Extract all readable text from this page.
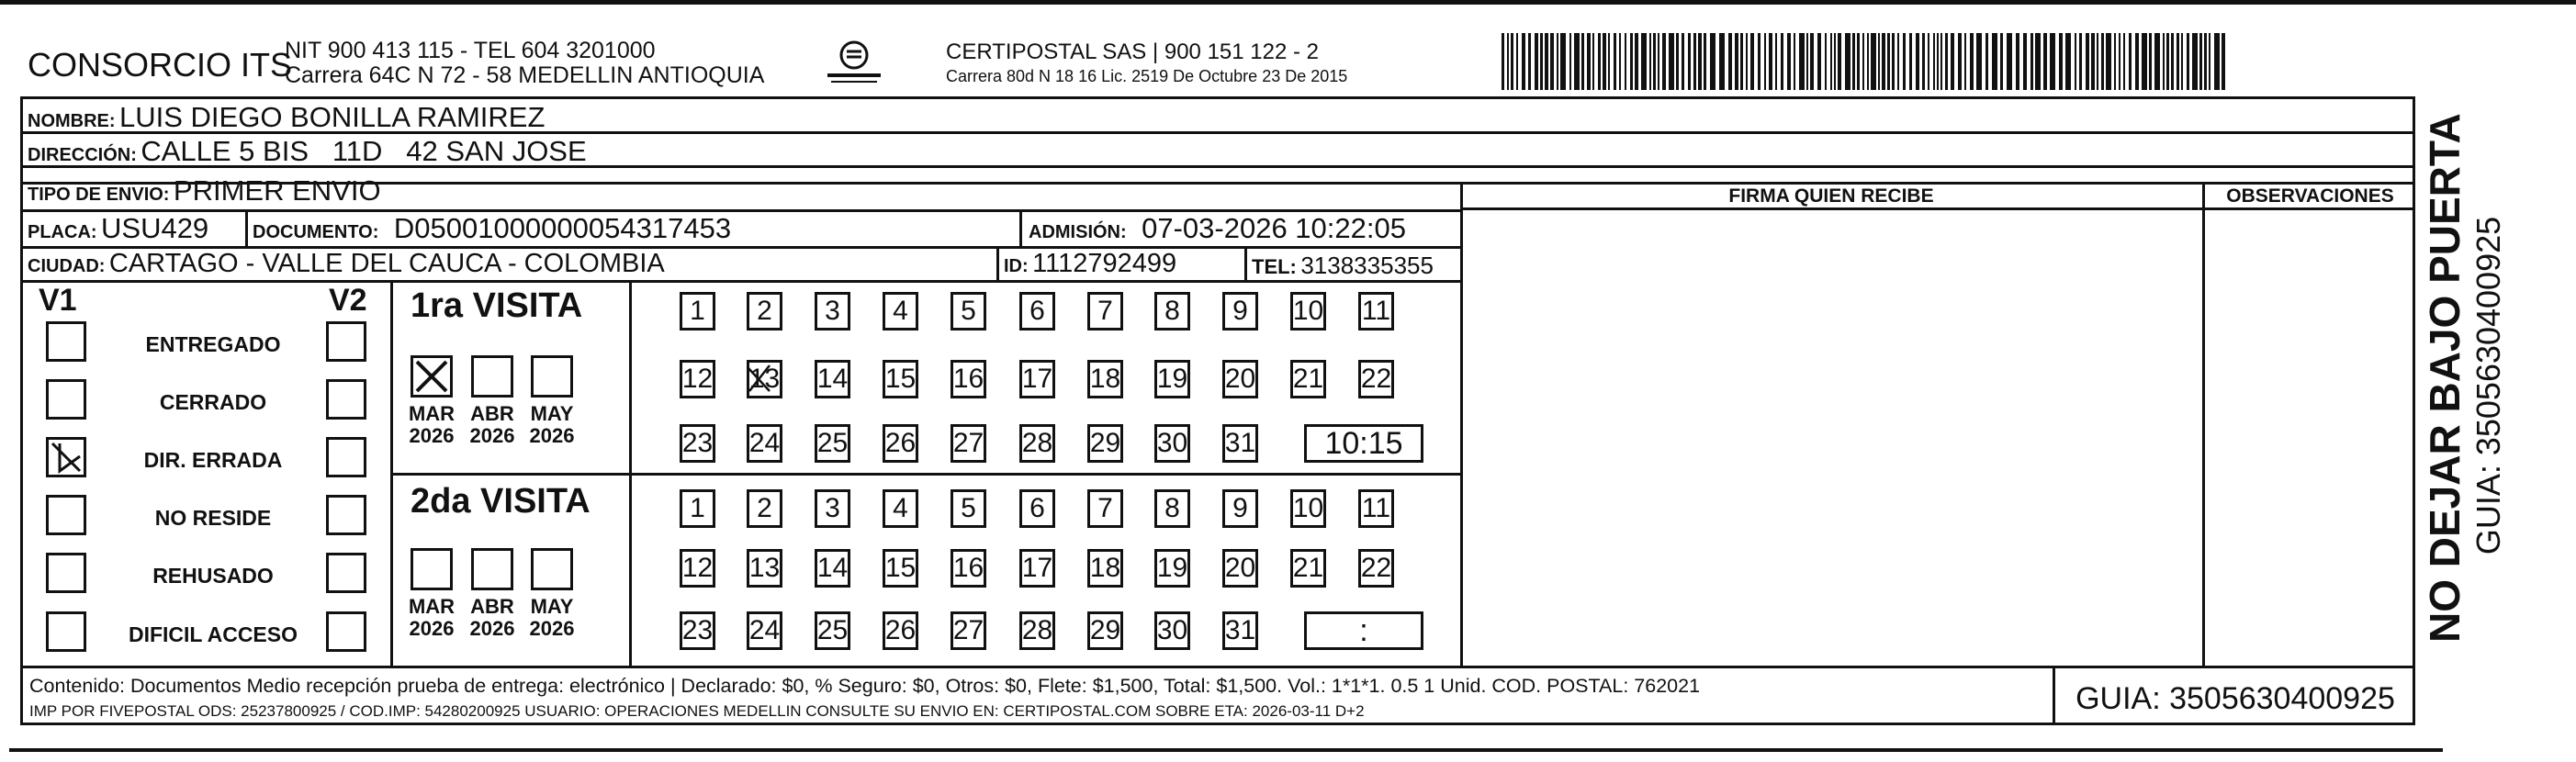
CONSORCIO ITS
NIT 900 413 115 - TEL 604 3201000
Carrera 64C N 72 - 58 MEDELLIN ANTIOQUIA
CERTIPOSTAL SAS | 900 151 122 - 2
Carrera 80d N 18 16 Lic. 2519 De Octubre 23 De 2015
NOMBRE: LUIS DIEGO BONILLA RAMIREZ
DIRECCIÓN: CALLE 5 BIS   11D   42 SAN JOSE
TIPO DE ENVIO: PRIMER ENVIO
PLACA: USU429 DOCUMENTO: D05001000000054317453	ADMISIÓN: 07-03-2026 10:22:05
CIUDAD: CARTAGO - VALLE DEL CAUCA - COLOMBIA	ID: 1112792499	TEL: 3138335355
FIRMA QUIEN RECIBE	OBSERVACIONES
V1	V2
ENTREGADO
CERRADO
DIR. ERRADA
NO RESIDE
REHUSADO
DIFICIL ACCESO
1ra VISITA
MAR
2026
ABR
2026
MAY
2026
1	2	3	4	5	6	7	8	9	10 11
12 13 14 15 16 17 18 19 20 21 22
23 24 25 26 27 28 29 30 31	10:15
2da VISITA
MAR
2026
ABR
2026
MAY
2026
1	2	3	4	5	6	7	8	9	10 11
12 13 14 15 16 17 18 19 20 21 22
23 24 25 26 27 28 29 30 31	:
Contenido: Documentos Medio recepción prueba de entrega: electrónico | Declarado: $0, % Seguro: $0, Otros: $0, Flete: $1,500, Total: $1,500. Vol.: 1*1*1. 0.5 1 Unid. COD. POSTAL: 762021
IMP POR FIVEPOSTAL ODS: 25237800925 / COD.IMP: 54280200925 USUARIO: OPERACIONES MEDELLIN CONSULTE SU ENVIO EN: CERTIPOSTAL.COM SOBRE ETA: 2026-03-11 D+2	GUIA: 3505630400925
NO DEJAR BAJO PUERTA GUIA: 3505630400925
